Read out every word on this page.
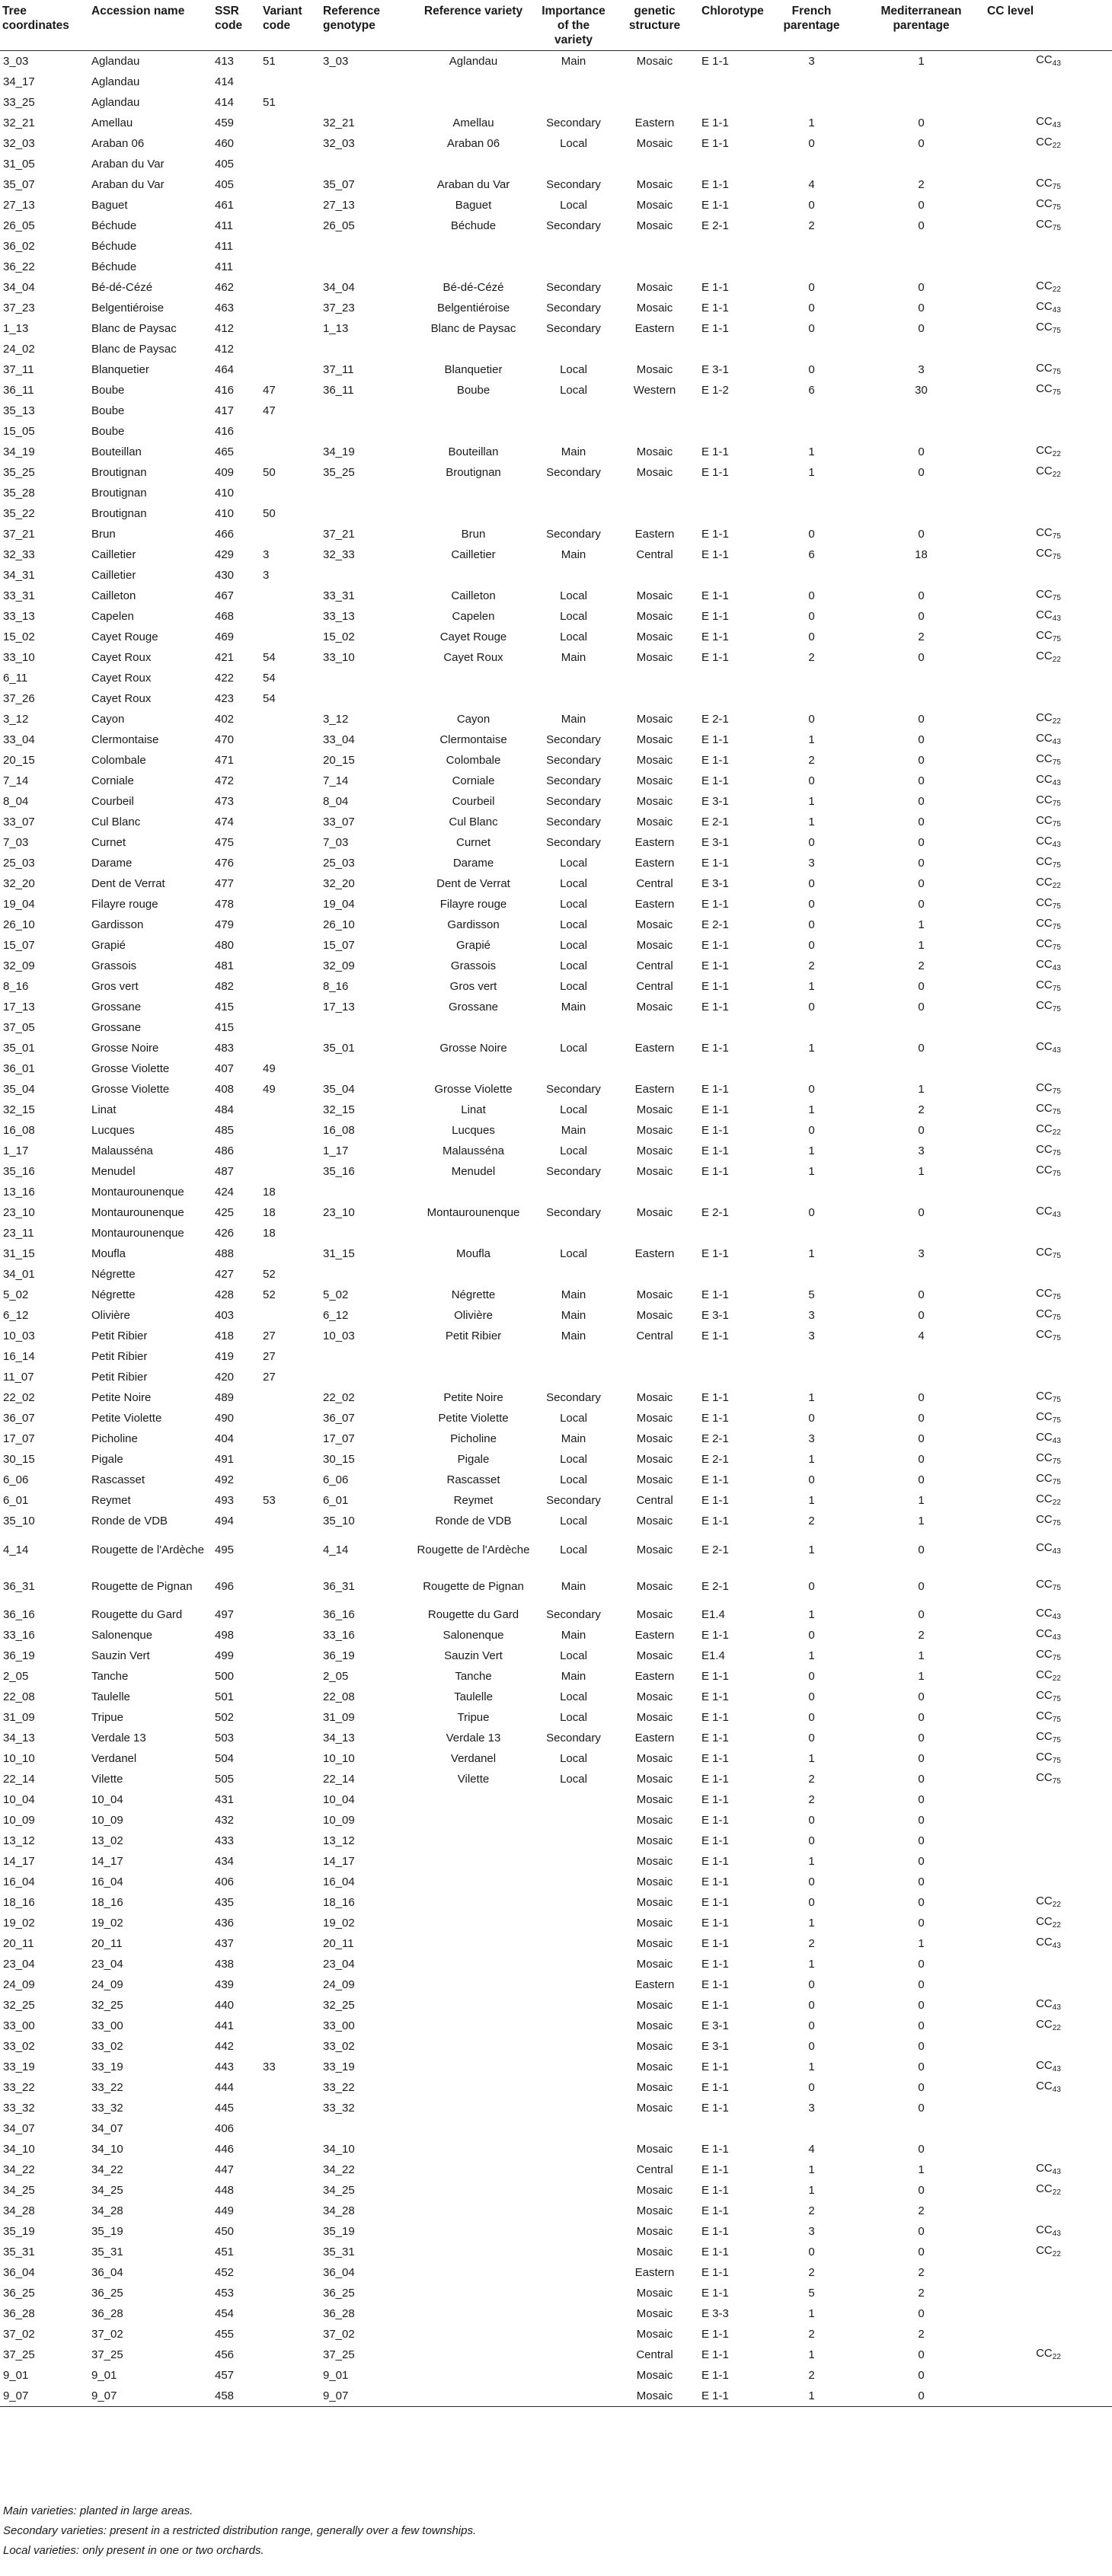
Tree coordinates	Accession name	SSR code	Variant code	Reference genotype	Reference variety	Importance of the variety	genetic structure	Chlorotype	French parentage	Mediterranean parentage	CC level
3_03	Aglandau	413	51	3_03	Aglandau	Main	Mosaic	E 1-1	3	1	$CC_{43}$
34_17	Aglandau	414									
33_25	Aglandau	414	51								
32_21	Amellau	459		32_21	Amellau	Secondary	Eastern	E 1-1	1	0	$CC_{43}$
32_03	Araban 06	460		32_03	Araban 06	Local	Mosaic	E 1-1	0	0	$CC_{22}$
31_05	Araban du Var	405									
35_07	Araban du Var	405		35_07	Araban du Var	Secondary	Mosaic	E 1-1	4	2	$CC_{75}$
27_13	Baguet	461		27_13	Baguet	Local	Mosaic	E 1-1	0	0	$CC_{75}$
26_05	Béchude	411		26_05	Béchude	Secondary	Mosaic	E 2-1	2	0	$CC_{75}$
36_02	Béchude	411									
36_22	Béchude	411									
34_04	Bé-dé-Cézé	462		34_04	Bé-dé-Cézé	Secondary	Mosaic	E 1-1	0	0	$CC_{22}$
37_23	Belgentiéroise	463		37_23	Belgentiéroise	Secondary	Mosaic	E 1-1	0	0	$CC_{43}$
1_13	Blanc de Paysac	412		1_13	Blanc de Paysac	Secondary	Eastern	E 1-1	0	0	$CC_{75}$
24_02	Blanc de Paysac	412									
37_11	Blanquetier	464		37_11	Blanquetier	Local	Mosaic	E 3-1	0	3	$CC_{75}$
36_11	Boube	416	47	36_11	Boube	Local	Western	E 1-2	6	30	$CC_{75}$
35_13	Boube	417	47								
15_05	Boube	416									
34_19	Bouteillan	465		34_19	Bouteillan	Main	Mosaic	E 1-1	1	0	$CC_{22}$
35_25	Broutignan	409	50	35_25	Broutignan	Secondary	Mosaic	E 1-1	1	0	$CC_{22}$
35_28	Broutignan	410									
35_22	Broutignan	410	50								
37_21	Brun	466		37_21	Brun	Secondary	Eastern	E 1-1	0	0	$CC_{75}$
32_33	Cailletier	429	3	32_33	Cailletier	Main	Central	E 1-1	6	18	$CC_{75}$
34_31	Cailletier	430	3								
33_31	Cailleton	467		33_31	Cailleton	Local	Mosaic	E 1-1	0	0	$CC_{75}$
33_13	Capelen	468		33_13	Capelen	Local	Mosaic	E 1-1	0	0	$CC_{43}$
15_02	Cayet Rouge	469		15_02	Cayet Rouge	Local	Mosaic	E 1-1	0	2	$CC_{75}$
33_10	Cayet Roux	421	54	33_10	Cayet Roux	Main	Mosaic	E 1-1	2	0	$CC_{22}$
6_11	Cayet Roux	422	54								
37_26	Cayet Roux	423	54								
3_12	Cayon	402		3_12	Cayon	Main	Mosaic	E 2-1	0	0	$CC_{22}$
33_04	Clermontaise	470		33_04	Clermontaise	Secondary	Mosaic	E 1-1	1	0	$CC_{43}$
20_15	Colombale	471		20_15	Colombale	Secondary	Mosaic	E 1-1	2	0	$CC_{75}$
7_14	Corniale	472		7_14	Corniale	Secondary	Mosaic	E 1-1	0	0	$CC_{43}$
8_04	Courbeil	473		8_04	Courbeil	Secondary	Mosaic	E 3-1	1	0	$CC_{75}$
33_07	Cul Blanc	474		33_07	Cul Blanc	Secondary	Mosaic	E 2-1	1	0	$CC_{75}$
7_03	Curnet	475		7_03	Curnet	Secondary	Eastern	E 3-1	0	0	$CC_{43}$
25_03	Darame	476		25_03	Darame	Local	Eastern	E 1-1	3	0	$CC_{75}$
32_20	Dent de Verrat	477		32_20	Dent de Verrat	Local	Central	E 3-1	0	0	$CC_{22}$
19_04	Filayre rouge	478		19_04	Filayre rouge	Local	Eastern	E 1-1	0	0	$CC_{75}$
26_10	Gardisson	479		26_10	Gardisson	Local	Mosaic	E 2-1	0	1	$CC_{75}$
15_07	Grapié	480		15_07	Grapié	Local	Mosaic	E 1-1	0	1	$CC_{75}$
32_09	Grassois	481		32_09	Grassois	Local	Central	E 1-1	2	2	$CC_{43}$
8_16	Gros vert	482		8_16	Gros vert	Local	Central	E 1-1	1	0	$CC_{75}$
17_13	Grossane	415		17_13	Grossane	Main	Mosaic	E 1-1	0	0	$CC_{75}$
37_05	Grossane	415									
35_01	Grosse Noire	483		35_01	Grosse Noire	Local	Eastern	E 1-1	1	0	$CC_{43}$
36_01	Grosse Violette	407	49								
35_04	Grosse Violette	408	49	35_04	Grosse Violette	Secondary	Eastern	E 1-1	0	1	$CC_{75}$
32_15	Linat	484		32_15	Linat	Local	Mosaic	E 1-1	1	2	$CC_{75}$
16_08	Lucques	485		16_08	Lucques	Main	Mosaic	E 1-1	0	0	$CC_{22}$
1_17	Malausséna	486		1_17	Malausséna	Local	Mosaic	E 1-1	1	3	$CC_{75}$
35_16	Menudel	487		35_16	Menudel	Secondary	Mosaic	E 1-1	1	1	$CC_{75}$
13_16	Montaurounenque	424	18								
23_10	Montaurounenque	425	18	23_10	Montaurounenque	Secondary	Mosaic	E 2-1	0	0	$CC_{43}$
23_11	Montaurounenque	426	18								
31_15	Moufla	488		31_15	Moufla	Local	Eastern	E 1-1	1	3	$CC_{75}$
34_01	Négrette	427	52								
5_02	Négrette	428	52	5_02	Négrette	Main	Mosaic	E 1-1	5	0	$CC_{75}$
6_12	Olivière	403		6_12	Olivière	Main	Mosaic	E 3-1	3	0	$CC_{75}$
10_03	Petit Ribier	418	27	10_03	Petit Ribier	Main	Central	E 1-1	3	4	$CC_{75}$
16_14	Petit Ribier	419	27								
11_07	Petit Ribier	420	27								
22_02	Petite Noire	489		22_02	Petite Noire	Secondary	Mosaic	E 1-1	1	0	$CC_{75}$
36_07	Petite Violette	490		36_07	Petite Violette	Local	Mosaic	E 1-1	0	0	$CC_{75}$
17_07	Picholine	404		17_07	Picholine	Main	Mosaic	E 2-1	3	0	$CC_{43}$
30_15	Pigale	491		30_15	Pigale	Local	Mosaic	E 2-1	1	0	$CC_{75}$
6_06	Rascasset	492		6_06	Rascasset	Local	Mosaic	E 1-1	0	0	$CC_{75}$
6_01	Reymet	493	53	6_01	Reymet	Secondary	Central	E 1-1	1	1	$CC_{22}$
35_10	Ronde de VDB	494		35_10	Ronde de VDB	Local	Mosaic	E 1-1	2	1	$CC_{75}$
4_14	Rougette de l'Ardèche	495		4_14	Rougette de l'Ardèche	Local	Mosaic	E 2-1	1	0	$CC_{43}$
36_31	Rougette de Pignan	496		36_31	Rougette de Pignan	Main	Mosaic	E 2-1	0	0	$CC_{75}$
36_16	Rougette du Gard	497		36_16	Rougette du Gard	Secondary	Mosaic	E1.4	1	0	$CC_{43}$
33_16	Salonenque	498		33_16	Salonenque	Main	Eastern	E 1-1	0	2	$CC_{43}$
36_19	Sauzin Vert	499		36_19	Sauzin Vert	Local	Mosaic	E1.4	1	1	$CC_{75}$
2_05	Tanche	500		2_05	Tanche	Main	Eastern	E 1-1	0	1	$CC_{22}$
22_08	Taulelle	501		22_08	Taulelle	Local	Mosaic	E 1-1	0	0	$CC_{75}$
31_09	Tripue	502		31_09	Tripue	Local	Mosaic	E 1-1	0	0	$CC_{75}$
34_13	Verdale 13	503		34_13	Verdale 13	Secondary	Eastern	E 1-1	0	0	$CC_{75}$
10_10	Verdanel	504		10_10	Verdanel	Local	Mosaic	E 1-1	1	0	$CC_{75}$
22_14	Vilette	505		22_14	Vilette	Local	Mosaic	E 1-1	2	0	$CC_{75}$
10_04	10_04	431		10_04			Mosaic	E 1-1	2	0	
10_09	10_09	432		10_09			Mosaic	E 1-1	0	0	
13_12	13_02	433		13_12			Mosaic	E 1-1	0	0	
14_17	14_17	434		14_17			Mosaic	E 1-1	1	0	
16_04	16_04	406		16_04			Mosaic	E 1-1	0	0	
18_16	18_16	435		18_16			Mosaic	E 1-1	0	0	$CC_{22}$
19_02	19_02	436		19_02			Mosaic	E 1-1	1	0	$CC_{22}$
20_11	20_11	437		20_11			Mosaic	E 1-1	2	1	$CC_{43}$
23_04	23_04	438		23_04			Mosaic	E 1-1	1	0	
24_09	24_09	439		24_09			Eastern	E 1-1	0	0	
32_25	32_25	440		32_25			Mosaic	E 1-1	0	0	$CC_{43}$
33_00	33_00	441		33_00			Mosaic	E 3-1	0	0	$CC_{22}$
33_02	33_02	442		33_02			Mosaic	E 3-1	0	0	
33_19	33_19	443	33	33_19			Mosaic	E 1-1	1	0	$CC_{43}$
33_22	33_22	444		33_22			Mosaic	E 1-1	0	0	$CC_{43}$
33_32	33_32	445		33_32			Mosaic	E 1-1	3	0	
34_07	34_07	406									
34_10	34_10	446		34_10			Mosaic	E 1-1	4	0	
34_22	34_22	447		34_22			Central	E 1-1	1	1	$CC_{43}$
34_25	34_25	448		34_25			Mosaic	E 1-1	1	0	$CC_{22}$
34_28	34_28	449		34_28			Mosaic	E 1-1	2	2	
35_19	35_19	450		35_19			Mosaic	E 1-1	3	0	$CC_{43}$
35_31	35_31	451		35_31			Mosaic	E 1-1	0	0	$CC_{22}$
36_04	36_04	452		36_04			Eastern	E 1-1	2	2	
36_25	36_25	453		36_25			Mosaic	E 1-1	5	2	
36_28	36_28	454		36_28			Mosaic	E 3-3	1	0	
37_02	37_02	455		37_02			Mosaic	E 1-1	2	2	
37_25	37_25	456		37_25			Central	E 1-1	1	0	$CC_{22}$
9_01	9_01	457		9_01			Mosaic	E 1-1	2	0	
9_07	9_07	458		9_07			Mosaic	E 1-1	1	0	
Main varieties: planted in large areas.
Secondary varieties: present in a restricted distribution range, generally over a few townships.
Local varieties: only present in one or two orchards.
